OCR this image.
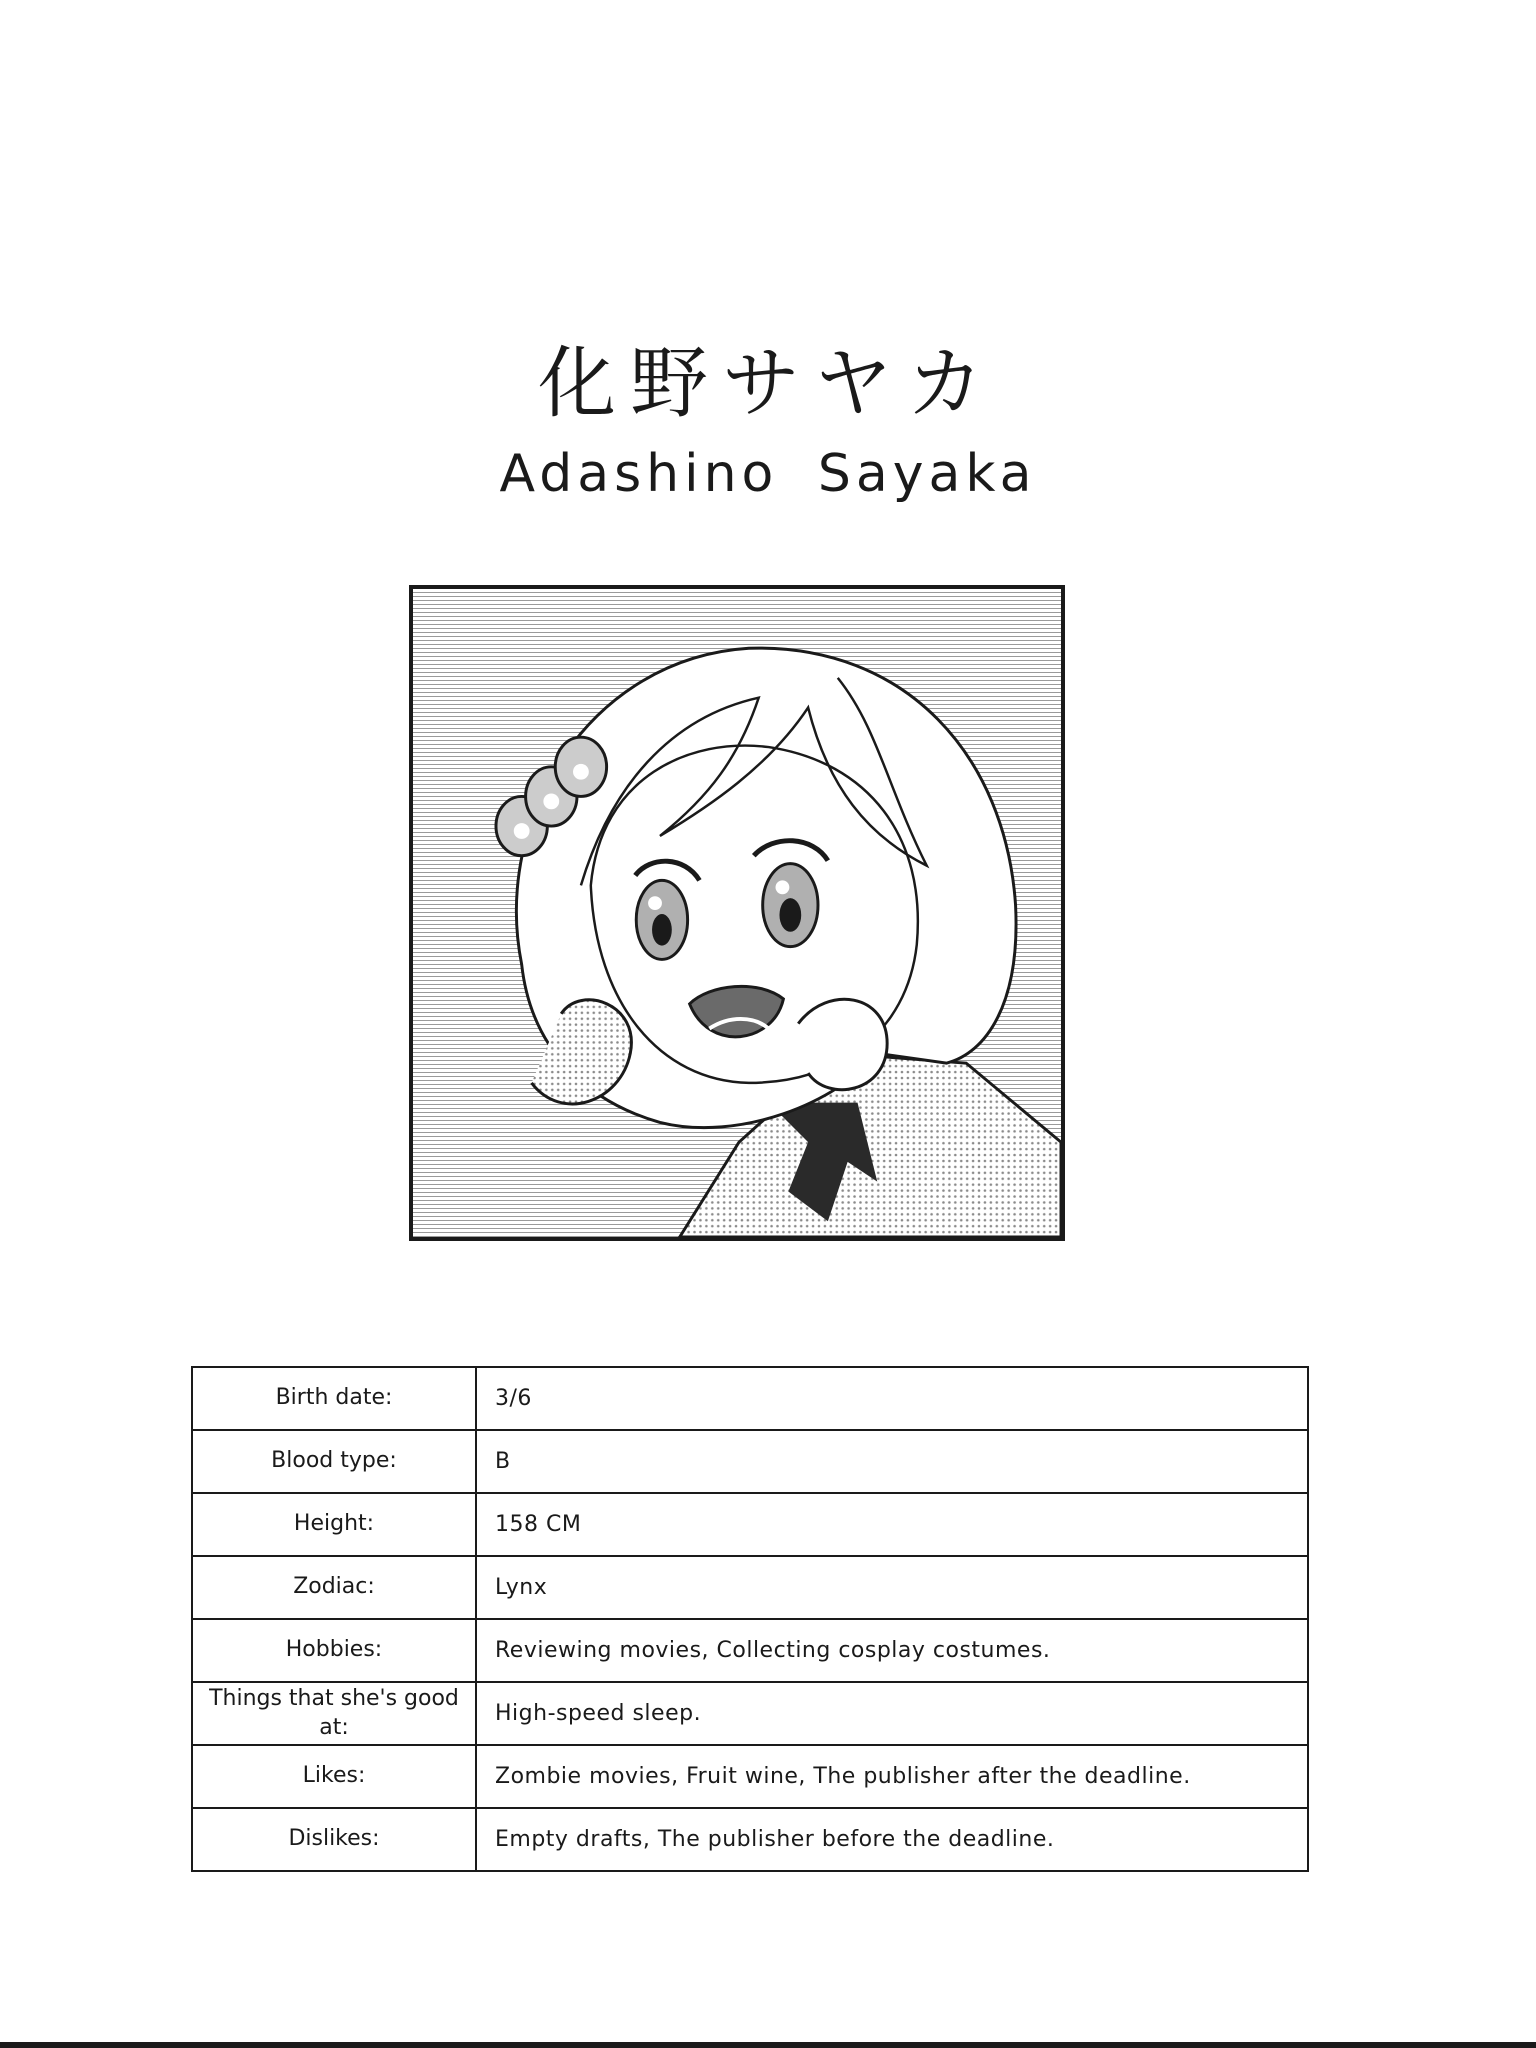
化野サヤカ
Adashino Sayaka
Birth date:	3/6
Blood type:	B
Height:	158 CM
Zodiac:	Lynx
Hobbies:	Reviewing movies, Collecting cosplay costumes.
Things that she's good at:	High-speed sleep.
Likes:	Zombie movies, Fruit wine, The publisher after the deadline.
Dislikes:	Empty drafts, The publisher before the deadline.
